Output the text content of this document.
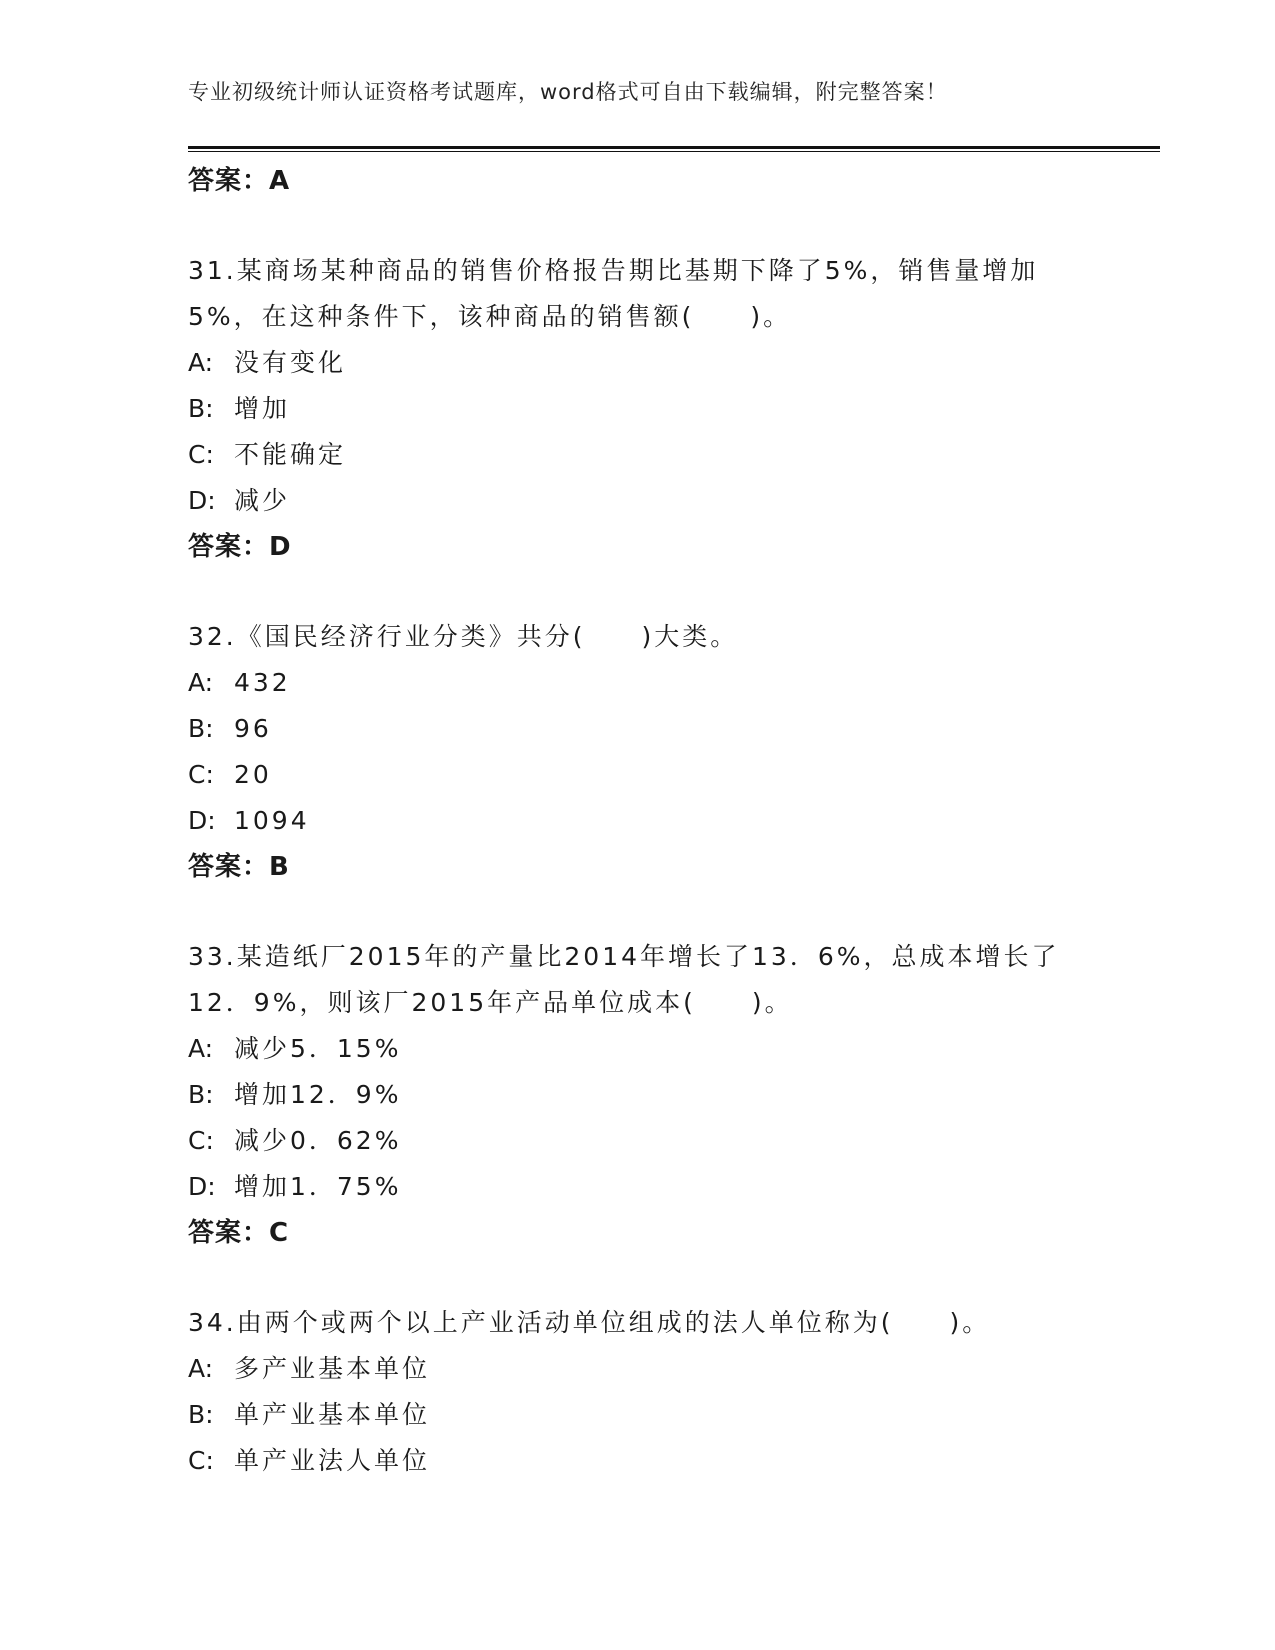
专业初级统计师认证资格考试题库，word格式可自由下载编辑，附完整答案！
答案：A
31.某商场某种商品的销售价格报告期比基期下降了5%，销售量增加
5%，在这种条件下，该种商品的销售额(　　)。
A: 没有变化
B: 增加
C: 不能确定
D: 减少
答案：D
32.《国民经济行业分类》共分(　　)大类。
A: 432
B: 96
C: 20
D: 1094
答案：B
33.某造纸厂2015年的产量比2014年增长了13．6%，总成本增长了
12．9%，则该厂2015年产品单位成本(　　)。
A: 减少5．15%
B: 增加12．9%
C: 减少0．62%
D: 增加1．75%
答案：C
34.由两个或两个以上产业活动单位组成的法人单位称为(　　)。
A: 多产业基本单位
B: 单产业基本单位
C: 单产业法人单位
